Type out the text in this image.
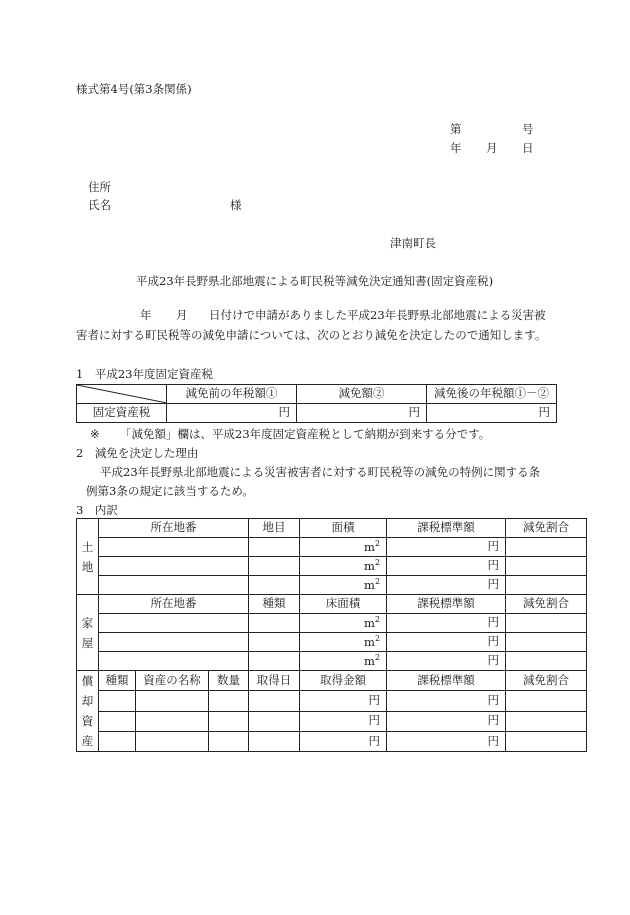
様式第4号(第3条関係)
第	号
年 月 日
住所
氏名	様
津南町長
平成23年長野県北部地震による町民税等減免決定通知書(固定資産税)
年 月 日付けで申請がありました平成23年長野県北部地震による災害被
害者に対する町民税等の減免申請については、次のとおり減免を決定したので通知します。
1　平成23年度固定資産税
	減免前の年税額①	減免額②	減免後の年税額①－②
固定資産税	円	円	円
※ 「減免額」欄は、平成23年度固定資産税として納期が到来する分です。
2　減免を決定した理由
平成23年長野県北部地震による災害被害者に対する町民税等の減免の特例に関する条
例第3条の規定に該当するため。
3　内訳
土
地	所在地番			地目	面積	課税標準額	減免割合
					$m^2$	円	
					$m^2$	円	
					$m^2$	円	

家
屋	所在地番			種類	床面積	課税標準額	減免割合
					$m^2$	円	
					$m^2$	円	
					$m^2$	円	

償
却
資
産	種類	資産の名称	数量	取得日	取得金額	課税標準額	減免割合
					円	円	
					円	円	
					円	円	
